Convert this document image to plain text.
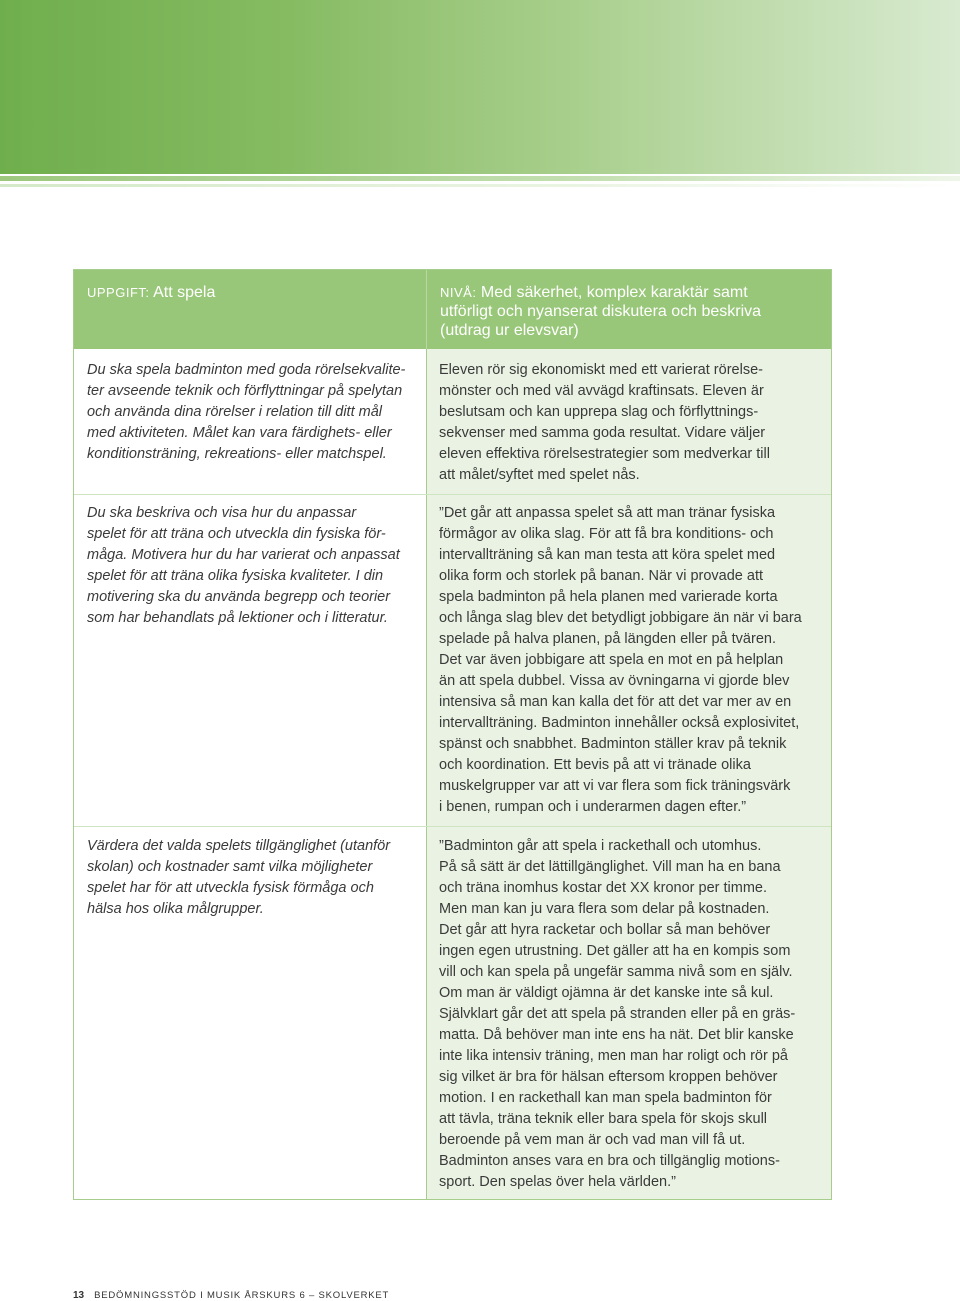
UPPGIFT: Att spela	NIVÅ: Med säkerhet, komplex karaktär samt
utförligt och nyanserat diskutera och beskriva
(utdrag ur elevsvar)
Du ska spela badminton med goda rörelsekvalite-
ter avseende teknik och förflyttningar på spelytan
och använda dina rörelser i relation till ditt mål
med aktiviteten. Målet kan vara färdighets- eller
konditionsträning, rekreations- eller matchspel.
Du ska beskriva och visa hur du anpassar
spelet för att träna och utveckla din fysiska för-
måga. Motivera hur du har varierat och anpassat
spelet för att träna olika fysiska kvaliteter. I din
motivering ska du använda begrepp och teorier
som har behandlats på lektioner och i litteratur.
Värdera det valda spelets tillgänglighet (utanför
skolan) och kostnader samt vilka möjligheter
spelet har för att utveckla fysisk förmåga och
hälsa hos olika målgrupper.
Eleven rör sig ekonomiskt med ett varierat rörelse-
mönster och med väl avvägd kraftinsats. Eleven är
beslutsam och kan upprepa slag och förflyttnings-
sekvenser med samma goda resultat. Vidare väljer
eleven effektiva rörelsestrategier som medverkar till
att målet/syftet med spelet nås.
”Det går att anpassa spelet så att man tränar fysiska
förmågor av olika slag. För att få bra konditions- och
intervallträning så kan man testa att köra spelet med
olika form och storlek på banan. När vi provade att
spela badminton på hela planen med varierade korta
och långa slag blev det betydligt jobbigare än när vi bara
spelade på halva planen, på längden eller på tvären.
Det var även jobbigare att spela en mot en på helplan
än att spela dubbel. Vissa av övningarna vi gjorde blev
intensiva så man kan kalla det för att det var mer av en
intervallträning. Badminton innehåller också explosivitet,
spänst och snabbhet. Badminton ställer krav på teknik
och koordination. Ett bevis på att vi tränade olika
muskelgrupper var att vi var flera som fick träningsvärk
i benen, rumpan och i underarmen dagen efter.”
”Badminton går att spela i rackethall och utomhus.
På så sätt är det lättillgänglighet. Vill man ha en bana
och träna inomhus kostar det XX kronor per timme.
Men man kan ju vara flera som delar på kostnaden.
Det går att hyra racketar och bollar så man behöver
ingen egen utrustning. Det gäller att ha en kompis som
vill och kan spela på ungefär samma nivå som en själv.
Om man är väldigt ojämna är det kanske inte så kul.
Självklart går det att spela på stranden eller på en gräs-
matta. Då behöver man inte ens ha nät. Det blir kanske
inte lika intensiv träning, men man har roligt och rör på
sig vilket är bra för hälsan eftersom kroppen behöver
motion. I en rackethall kan man spela badminton för
att tävla, träna teknik eller bara spela för skojs skull
beroende på vem man är och vad man vill få ut.
Badminton anses vara en bra och tillgänglig motions-
sport. Den spelas över hela världen.”
13 BEDÖMNINGSSTÖD I MUSIK ÅRSKURS 6 – SKOLVERKET
